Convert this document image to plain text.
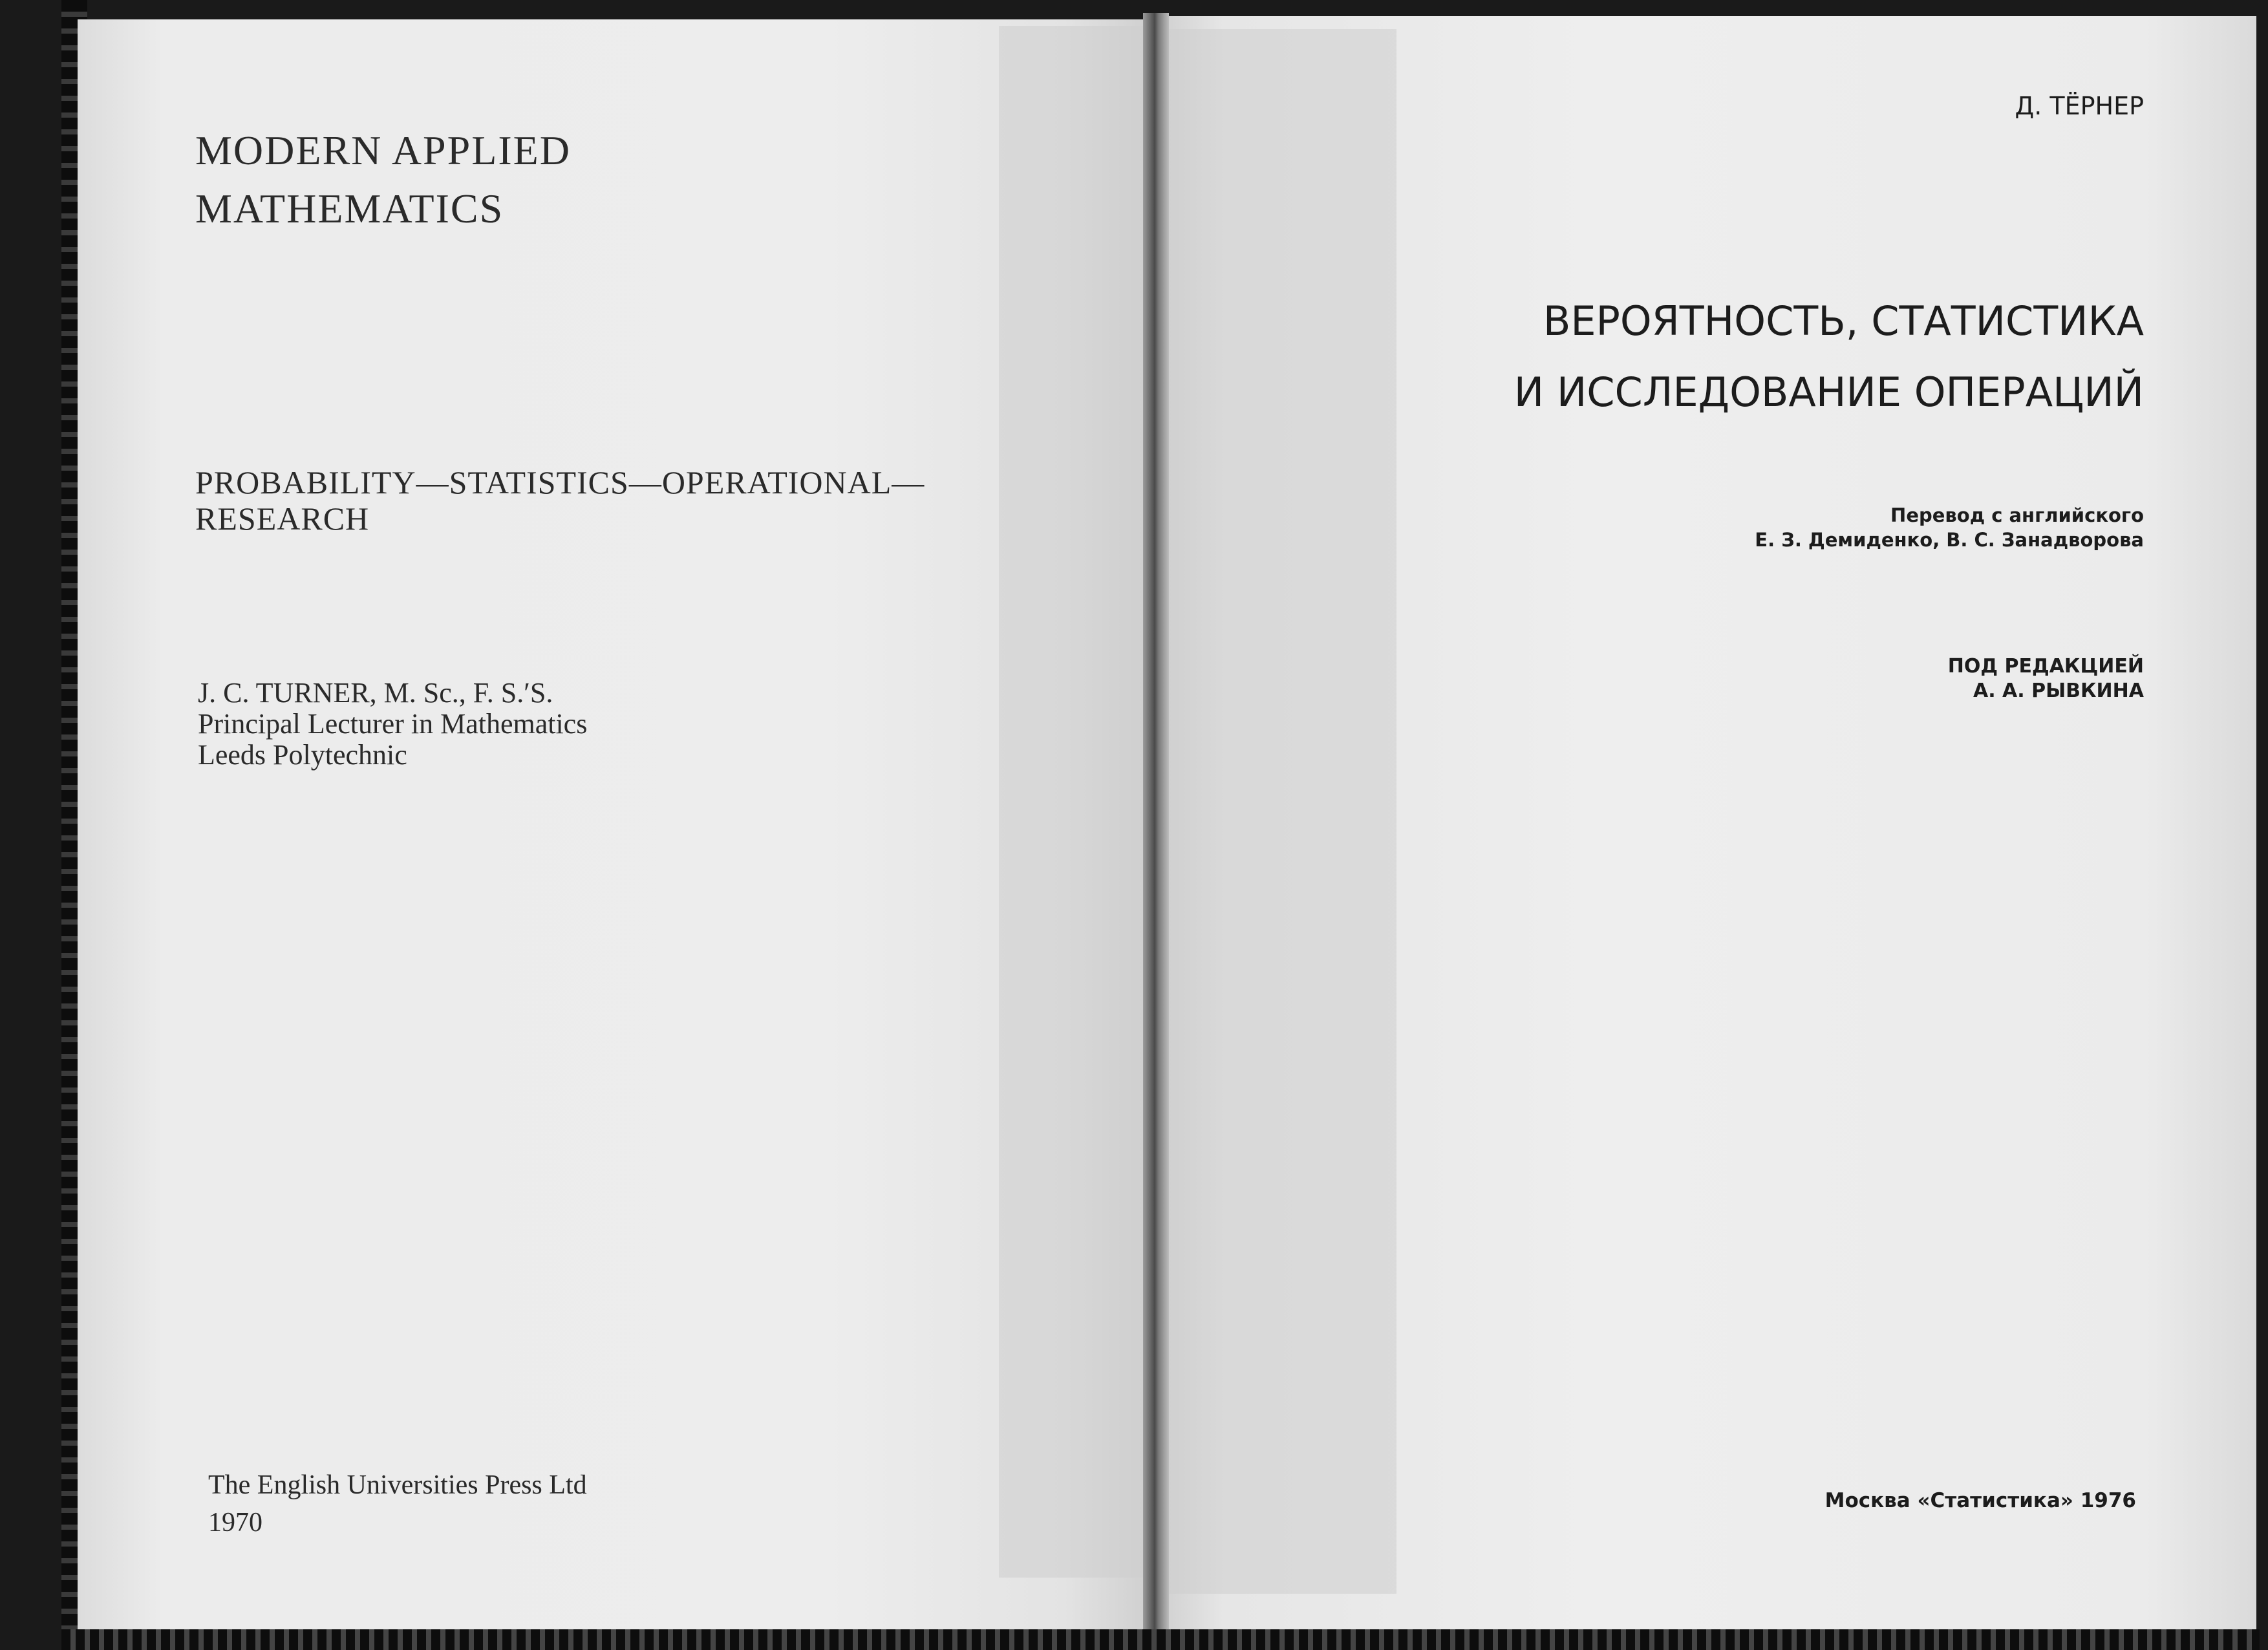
MODERN APPLIED
MATHEMATICS
PROBABILITY—STATISTICS—OPERATIONAL—
RESEARCH
J. C. TURNER, M. Sc., F. S.ʹS.
Principal Lecturer in Mathematics
Leeds Polytechnic
The English Universities Press Ltd
1970
Д. ТЁРНЕР
ВЕРОЯТНОСТЬ, СТАТИСТИКА
И ИССЛЕДОВАНИЕ ОПЕРАЦИЙ
Перевод с английского
Е. З. Демиденко, В. С. Занадворова
ПОД РЕДАКЦИЕЙ
А. А. РЫВКИНА
Москва «Статистика» 1976
